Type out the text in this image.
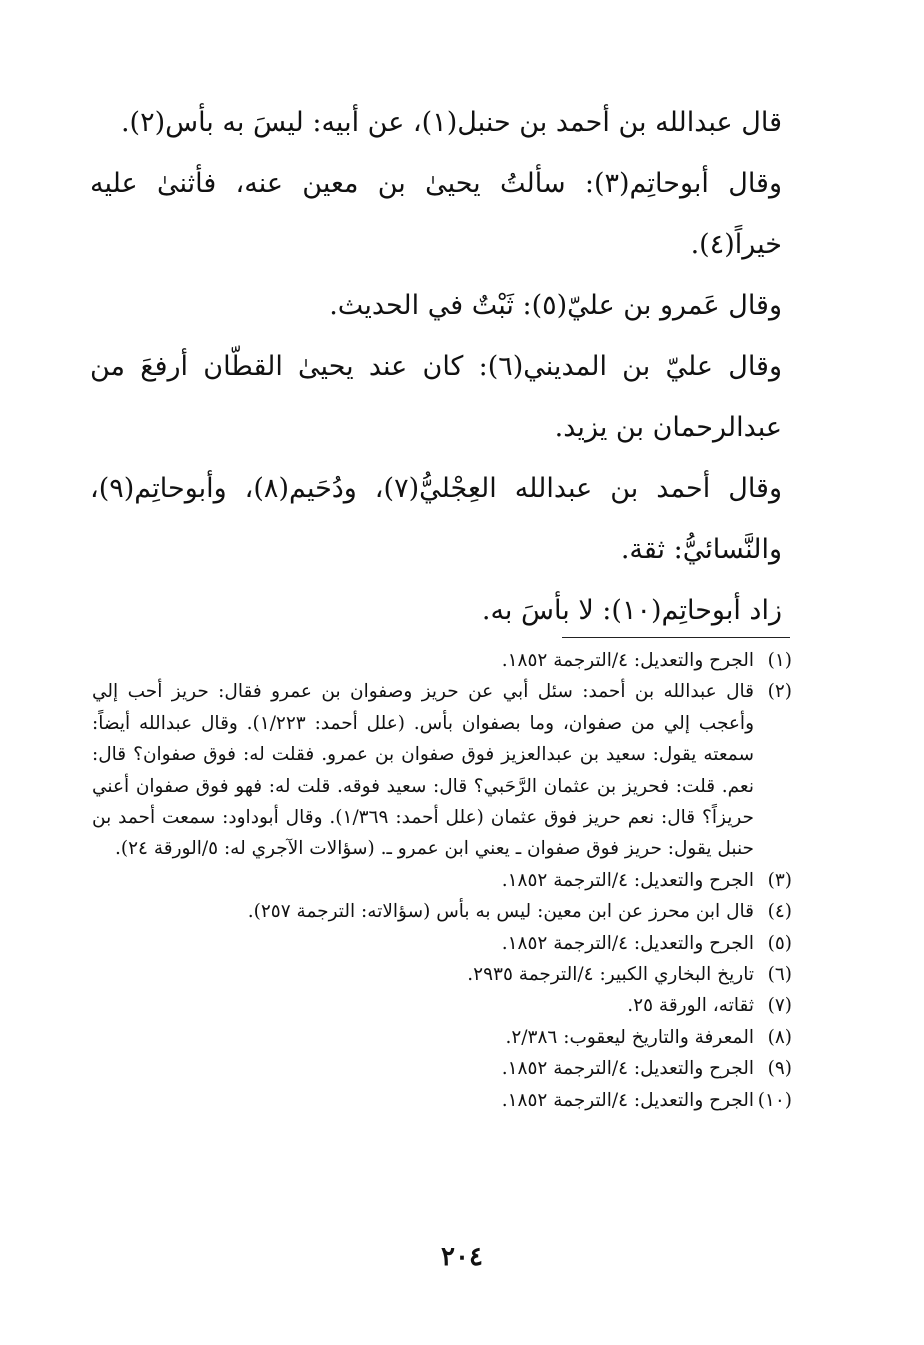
قال عبدالله بن أحمد بن حنبل(١)، عن أبيه: ليسَ به بأس(٢).

وقال أبوحاتِم(٣): سألتُ يحيىٰ بن معين عنه، فأثنىٰ عليه خيراً(٤).

وقال عَمرو بن عليّ(٥): ثَبْتٌ في الحديث.

وقال عليّ بن المديني(٦): كان عند يحيىٰ القطّان أرفعَ من عبدالرحمان بن يزيد.

وقال أحمد بن عبدالله العِجْليُّ(٧)، ودُحَيم(٨)، وأبوحاتِم(٩)، والنَّسائيُّ: ثقة.

زاد أبوحاتِم(١٠): لا بأسَ به.

(١)
الجرح والتعديل: ٤/الترجمة ١٨٥٢.
(٢)
قال عبدالله بن أحمد: سئل أبي عن حريز وصفوان بن عمرو فقال: حريز أحب إلي وأعجب إلي من صفوان، وما بصفوان بأس. (علل أحمد: ١/٢٢٣). وقال عبدالله أيضاً: سمعته يقول: سعيد بن عبدالعزيز فوق صفوان بن عمرو. فقلت له: فوق صفوان؟ قال: نعم. قلت: فحريز بن عثمان الرَّحَبي؟ قال: سعيد فوقه. قلت له: فهو فوق صفوان أعني حريزاً؟ قال: نعم حريز فوق عثمان (علل أحمد: ١/٣٦٩). وقال أبوداود: سمعت أحمد بن حنبل يقول: حريز فوق صفوان ـ يعني ابن عمرو ـ. (سؤالات الآجري له: ٥/الورقة ٢٤).
(٣)
الجرح والتعديل: ٤/الترجمة ١٨٥٢.
(٤)
قال ابن محرز عن ابن معين: ليس به بأس (سؤالاته: الترجمة ٢٥٧).
(٥)
الجرح والتعديل: ٤/الترجمة ١٨٥٢.
(٦)
تاريخ البخاري الكبير: ٤/الترجمة ٢٩٣٥.
(٧)
ثقاته، الورقة ٢٥.
(٨)
المعرفة والتاريخ ليعقوب: ٢/٣٨٦.
(٩)
الجرح والتعديل: ٤/الترجمة ١٨٥٢.
(١٠)
الجرح والتعديل: ٤/الترجمة ١٨٥٢.
٢٠٤
